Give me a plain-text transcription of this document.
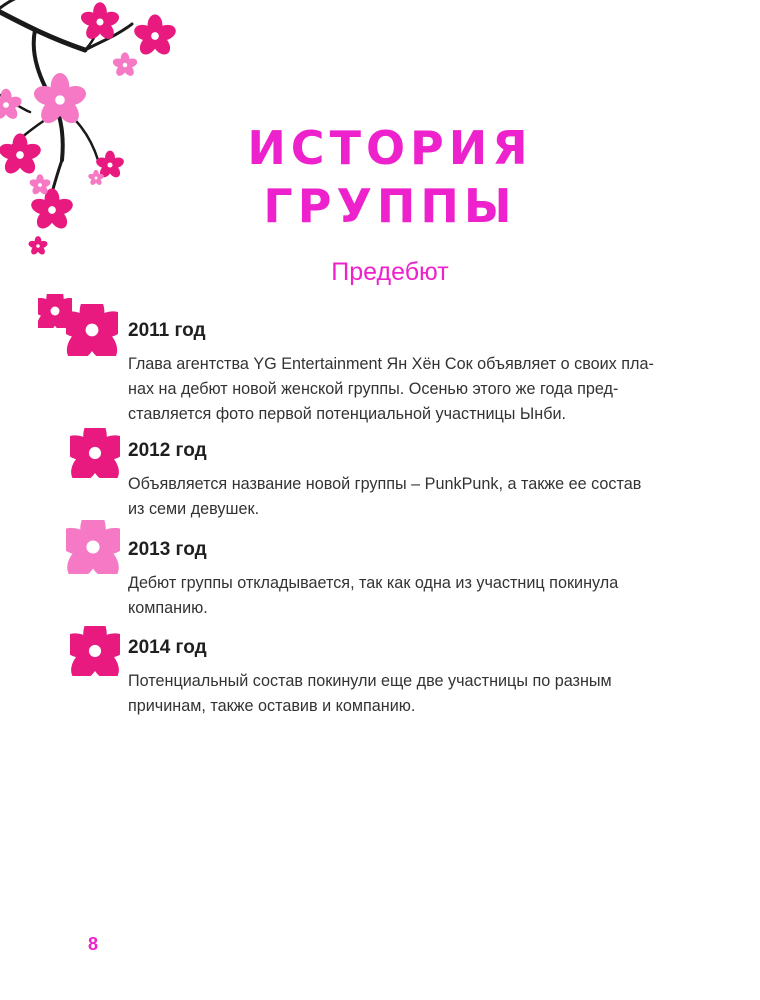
ИСТОРИЯ
ГРУППЫ
Предебют
2011 год
Глава агентства YG Entertainment Ян Хён Сок объявляет о своих пла-
нах на дебют новой женской группы. Осенью этого же года пред-
ставляется фото первой потенциальной участницы Ынби.
2012 год
Объявляется название новой группы – PunkPunk, а также ее состав
из семи девушек.
2013 год
Дебют группы откладывается, так как одна из участниц покинула
компанию.
2014 год
Потенциальный состав покинули еще две участницы по разным
причинам, также оставив и компанию.
8
